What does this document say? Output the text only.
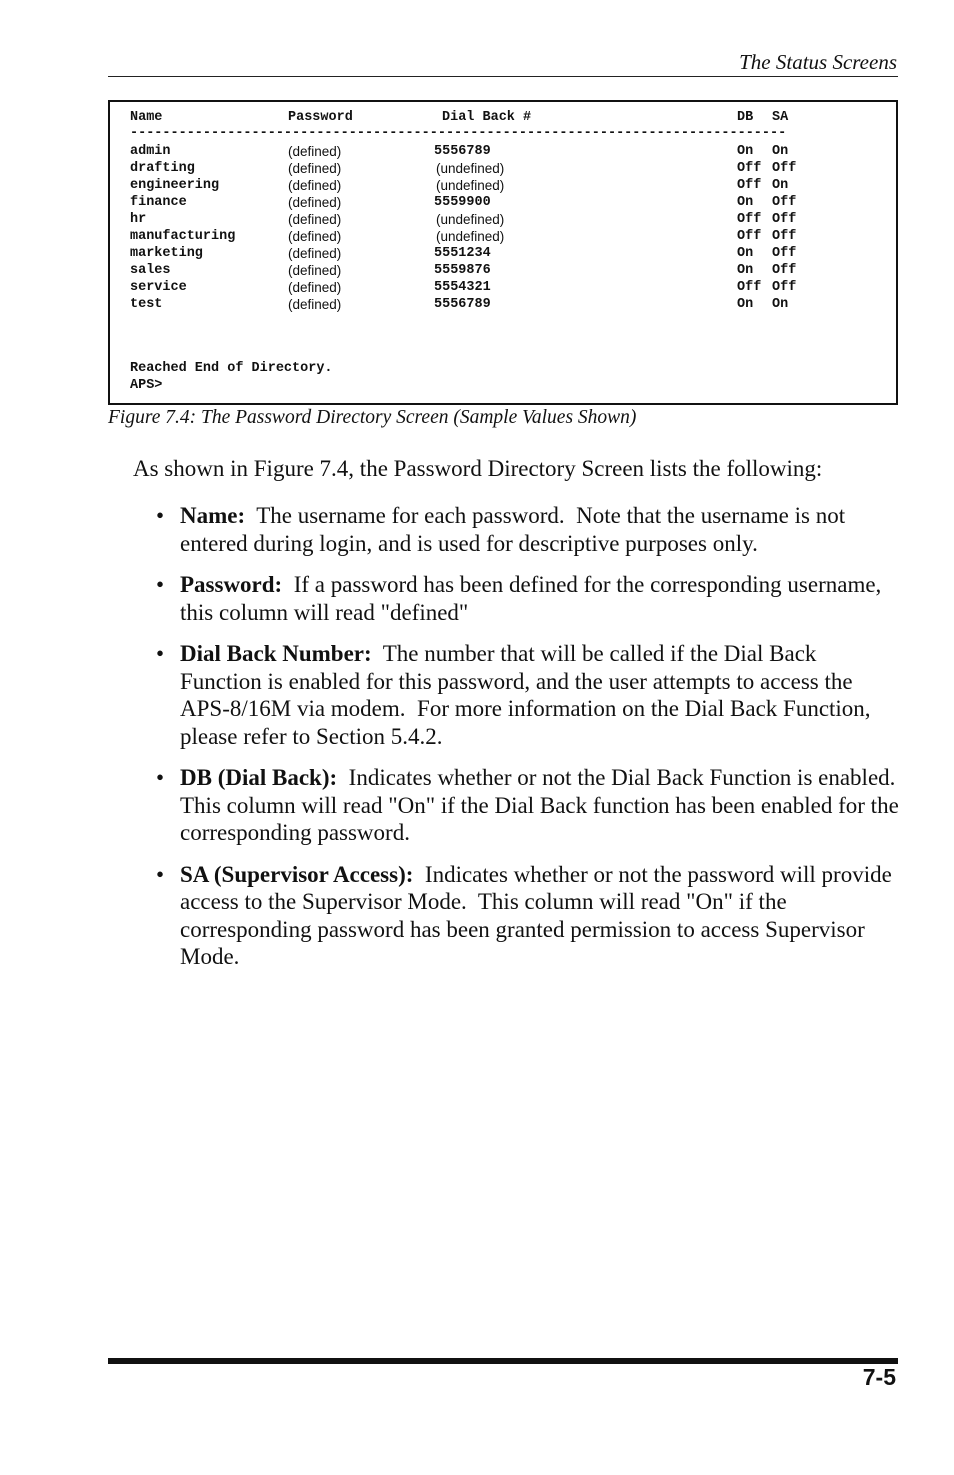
The Status Screens
Name	Password	Dial Back #	DB SA
---------------------------------------------------------------------------------
admin	(defined)	5556789	On On
drafting	(defined)	(undefined)	Off Off
engineering	(defined)	(undefined)	Off On
finance	(defined)	5559900	On Off
hr	(defined)	(undefined)	Off Off
manufacturing	(defined)	(undefined)	Off Off
marketing	(defined)	5551234	On Off
sales	(defined)	5559876	On Off
service	(defined)	5554321	Off Off
test	(defined)	5556789	On On
Reached End of Directory.
APS>
Figure 7.4: The Password Directory Screen (Sample Values Shown)
As shown in Figure 7.4, the Password Directory Screen lists the following:
• Name:  The username for each password.  Note that the username is not entered during login, and is used for descriptive purposes only.
• Password:  If a password has been defined for the corresponding username, this column will read "defined"
• Dial Back Number:  The number that will be called if the Dial Back Function is enabled for this password, and the user attempts to access the APS-8/16M via modem.  For more information on the Dial Back Function, please refer to Section 5.4.2.
• DB (Dial Back):  Indicates whether or not the Dial Back Function is enabled.  This column will read "On" if the Dial Back function has been enabled for the corresponding password.
• SA (Supervisor Access):  Indicates whether or not the password will provide access to the Supervisor Mode.  This column will read "On" if the corresponding password has been granted permission to access Supervisor Mode.
7-5
